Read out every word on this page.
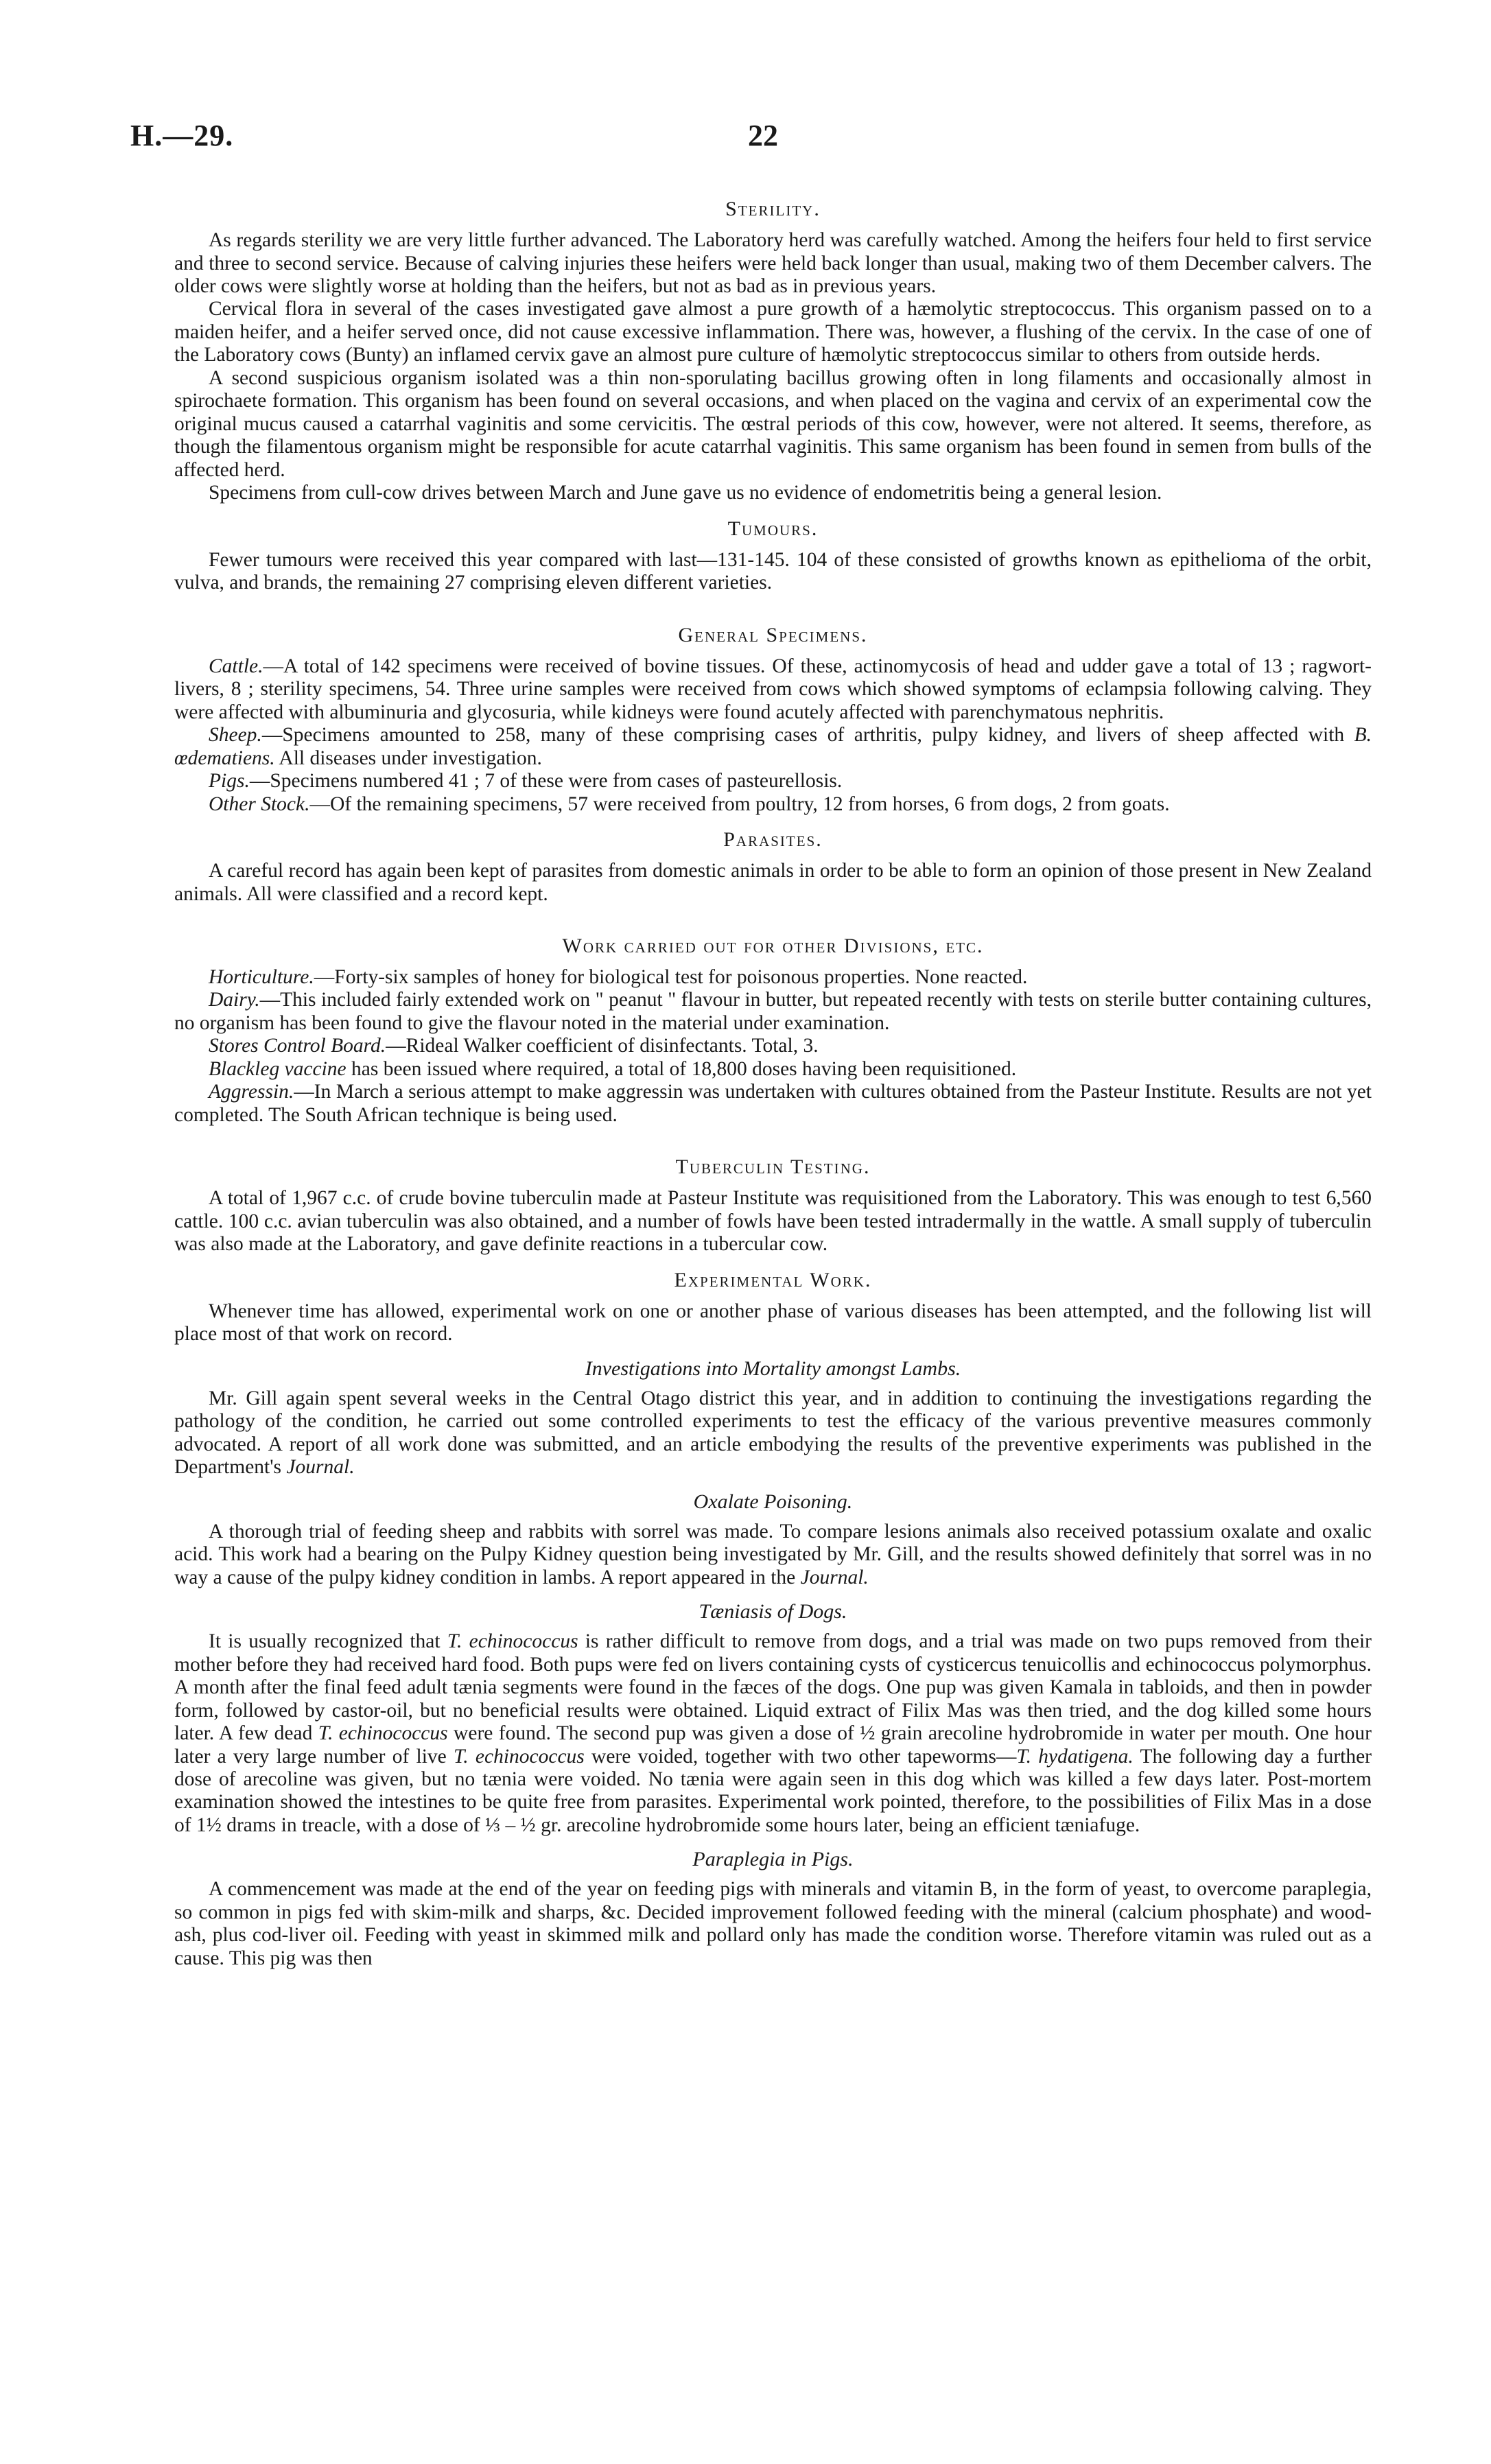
H.—29.	22
Sterility.

As regards sterility we are very little further advanced. The Laboratory herd was carefully watched. Among the heifers four held to first service and three to second service. Because of calving injuries these heifers were held back longer than usual, making two of them December calvers. The older cows were slightly worse at holding than the heifers, but not as bad as in previous years.

Cervical flora in several of the cases investigated gave almost a pure growth of a hæmolytic streptococcus. This organism passed on to a maiden heifer, and a heifer served once, did not cause excessive inflammation. There was, however, a flushing of the cervix. In the case of one of the Laboratory cows (Bunty) an inflamed cervix gave an almost pure culture of hæmolytic streptococcus similar to others from outside herds.

A second suspicious organism isolated was a thin non-sporulating bacillus growing often in long filaments and occasionally almost in spirochaete formation. This organism has been found on several occasions, and when placed on the vagina and cervix of an experimental cow the original mucus caused a catarrhal vaginitis and some cervicitis. The œstral periods of this cow, however, were not altered. It seems, therefore, as though the filamentous organism might be responsible for acute catarrhal vaginitis. This same organism has been found in semen from bulls of the affected herd.

Specimens from cull-cow drives between March and June gave us no evidence of endometritis being a general lesion.

Tumours.

Fewer tumours were received this year compared with last—131-145. 104 of these consisted of growths known as epithelioma of the orbit, vulva, and brands, the remaining 27 comprising eleven different varieties.

General Specimens.

Cattle.—A total of 142 specimens were received of bovine tissues. Of these, actinomycosis of head and udder gave a total of 13 ; ragwort-livers, 8 ; sterility specimens, 54. Three urine samples were received from cows which showed symptoms of eclampsia following calving. They were affected with albuminuria and glycosuria, while kidneys were found acutely affected with parenchymatous nephritis.

Sheep.—Specimens amounted to 258, many of these comprising cases of arthritis, pulpy kidney, and livers of sheep affected with B. œdematiens. All diseases under investigation.

Pigs.—Specimens numbered 41 ; 7 of these were from cases of pasteurellosis.

Other Stock.—Of the remaining specimens, 57 were received from poultry, 12 from horses, 6 from dogs, 2 from goats.

Parasites.

A careful record has again been kept of parasites from domestic animals in order to be able to form an opinion of those present in New Zealand animals. All were classified and a record kept.

Work carried out for other Divisions, etc.

Horticulture.—Forty-six samples of honey for biological test for poisonous properties. None reacted.

Dairy.—This included fairly extended work on " peanut " flavour in butter, but repeated recently with tests on sterile butter containing cultures, no organism has been found to give the flavour noted in the material under examination.

Stores Control Board.—Rideal Walker coefficient of disinfectants. Total, 3.

Blackleg vaccine has been issued where required, a total of 18,800 doses having been requisitioned.

Aggressin.—In March a serious attempt to make aggressin was undertaken with cultures obtained from the Pasteur Institute. Results are not yet completed. The South African technique is being used.

Tuberculin Testing.

A total of 1,967 c.c. of crude bovine tuberculin made at Pasteur Institute was requisitioned from the Laboratory. This was enough to test 6,560 cattle. 100 c.c. avian tuberculin was also obtained, and a number of fowls have been tested intradermally in the wattle. A small supply of tuberculin was also made at the Laboratory, and gave definite reactions in a tubercular cow.

Experimental Work.

Whenever time has allowed, experimental work on one or another phase of various diseases has been attempted, and the following list will place most of that work on record.

Investigations into Mortality amongst Lambs.

Mr. Gill again spent several weeks in the Central Otago district this year, and in addition to continuing the investigations regarding the pathology of the condition, he carried out some controlled experiments to test the efficacy of the various preventive measures commonly advocated. A report of all work done was submitted, and an article embodying the results of the preventive experiments was published in the Department's Journal.

Oxalate Poisoning.

A thorough trial of feeding sheep and rabbits with sorrel was made. To compare lesions animals also received potassium oxalate and oxalic acid. This work had a bearing on the Pulpy Kidney question being investigated by Mr. Gill, and the results showed definitely that sorrel was in no way a cause of the pulpy kidney condition in lambs. A report appeared in the Journal.

Tæniasis of Dogs.

It is usually recognized that T. echinococcus is rather difficult to remove from dogs, and a trial was made on two pups removed from their mother before they had received hard food. Both pups were fed on livers containing cysts of cysticercus tenuicollis and echinococcus polymorphus. A month after the final feed adult tænia segments were found in the fæces of the dogs. One pup was given Kamala in tabloids, and then in powder form, followed by castor-oil, but no beneficial results were obtained. Liquid extract of Filix Mas was then tried, and the dog killed some hours later. A few dead T. echinococcus were found. The second pup was given a dose of ½ grain arecoline hydrobromide in water per mouth. One hour later a very large number of live T. echinococcus were voided, together with two other tapeworms—T. hydatigena. The following day a further dose of arecoline was given, but no tænia were voided. No tænia were again seen in this dog which was killed a few days later. Post-mortem examination showed the intestines to be quite free from parasites. Experimental work pointed, therefore, to the possibilities of Filix Mas in a dose of 1½ drams in treacle, with a dose of ⅓ – ½ gr. arecoline hydrobromide some hours later, being an efficient tæniafuge.

Paraplegia in Pigs.

A commencement was made at the end of the year on feeding pigs with minerals and vitamin B, in the form of yeast, to overcome paraplegia, so common in pigs fed with skim-milk and sharps, &c. Decided improvement followed feeding with the mineral (calcium phosphate) and wood-ash, plus cod-liver oil. Feeding with yeast in skimmed milk and pollard only has made the condition worse. Therefore vitamin was ruled out as a cause. This pig was then
